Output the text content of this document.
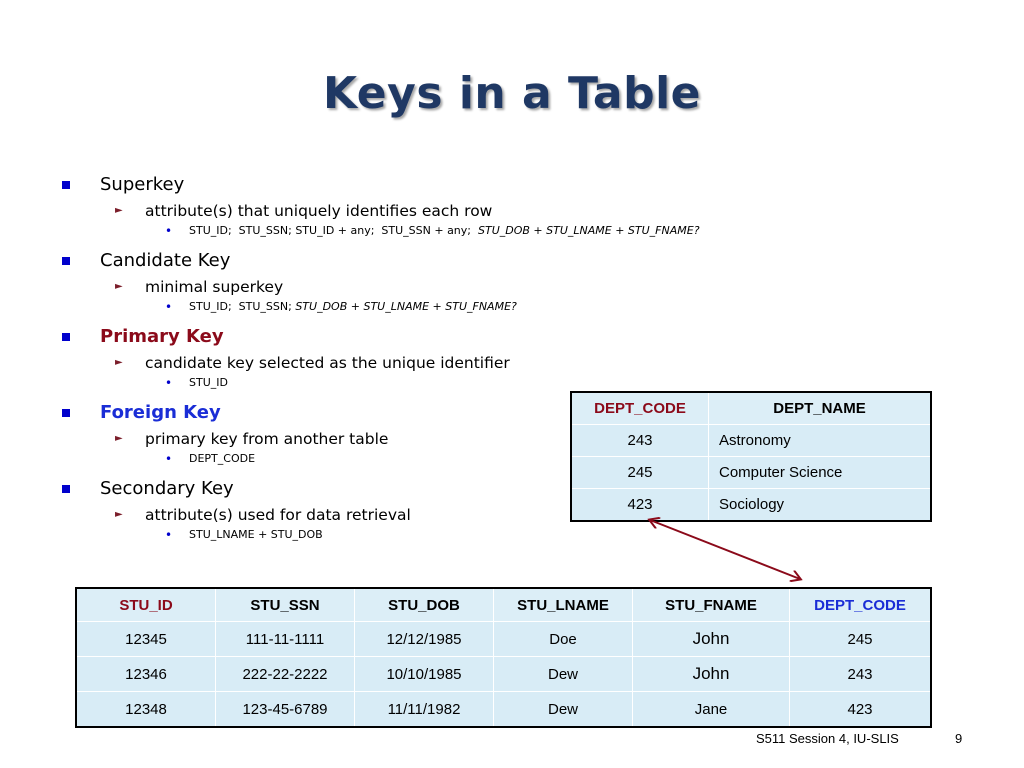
Keys in a Table
Superkey
► attribute(s) that uniquely identifies each row
• STU_ID;  STU_SSN; STU_ID + any;  STU_SSN + any;  STU_DOB + STU_LNAME + STU_FNAME?
Candidate Key
► minimal superkey
• STU_ID;  STU_SSN; STU_DOB + STU_LNAME + STU_FNAME?
Primary Key
► candidate key selected as the unique identifier
• STU_ID
Foreign Key
► primary key from another table
• DEPT_CODE
Secondary Key
► attribute(s) used for data retrieval
• STU_LNAME + STU_DOB
DEPT_CODE	DEPT_NAME
243	Astronomy
245	Computer Science
423	Sociology
STU_ID	STU_SSN	STU_DOB	STU_LNAME	STU_FNAME	DEPT_CODE
12345	111-11-1111	12/12/1985	Doe	John	245
12346	222-22-2222	10/10/1985	Dew	John	243
12348	123-45-6789	11/11/1982	Dew	Jane	423
S511 Session 4, IU-SLIS	9
